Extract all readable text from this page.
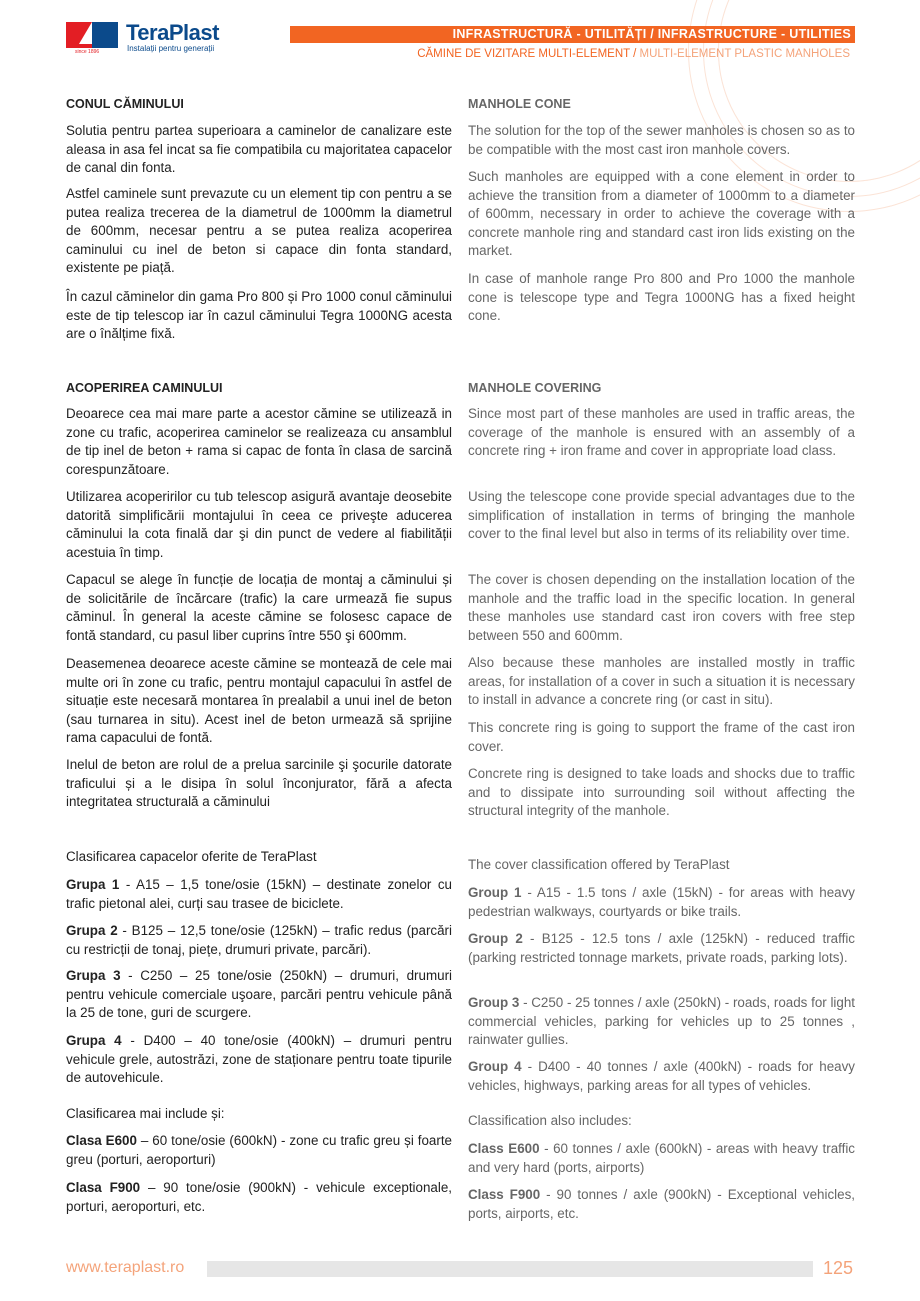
since 1896
TeraPlast
Instalații pentru generații
INFRASTRUCTURĂ - UTILITĂȚI / INFRASTRUCTURE - UTILITIES
CĂMINE DE VIZITARE MULTI-ELEMENT / MULTI-ELEMENT PLASTIC MANHOLES
CONUL CĂMINULUI
Solutia pentru partea superioara a caminelor de canalizare este aleasa in asa fel incat sa fie compatibila cu majoritatea capacelor de canal din fonta.
Astfel caminele sunt prevazute cu un element tip con pentru a se putea realiza trecerea de la diametrul de 1000mm la diametrul de 600mm, necesar pentru a se putea realiza acoperirea caminului cu inel de beton si capace din fonta standard, existente pe piață.
În cazul căminelor din gama Pro 800 și Pro 1000 conul căminului este de tip telescop iar în cazul căminului Tegra 1000NG acesta are o înălțime fixă.
ACOPERIREA CAMINULUI
Deoarece cea mai mare parte a acestor cămine se utilizează in zone cu trafic, acoperirea caminelor se realizeaza cu ansamblul de tip inel de beton + rama si capac de fonta în clasa de sarcină corespunzătoare.
Utilizarea acoperirilor cu tub telescop asigură avantaje deosebite datorită simplificării montajului în ceea ce priveşte aducerea căminului la cota finală dar şi din punct de vedere al fiabilității acestuia în timp.
Capacul se alege în funcție de locația de montaj a căminului și de solicitările de încărcare (trafic) la care urmează fie supus căminul. În general la aceste cămine se folosesc capace de fontă standard, cu pasul liber cuprins între 550 şi 600mm.
Deasemenea deoarece aceste cămine se montează de cele mai multe ori în zone cu trafic, pentru montajul capacului în astfel de situație este necesară montarea în prealabil a unui inel de beton (sau turnarea in situ). Acest inel de beton urmează să sprijine rama capacului de fontă.
Inelul de beton are rolul de a prelua sarcinile şi şocurile datorate traficului și a le disipa în solul înconjurator, fără a afecta integritatea structurală a căminului
Clasificarea capacelor oferite de TeraPlast
Grupa 1 - A15 – 1,5 tone/osie (15kN) – destinate zonelor cu trafic pietonal alei, curți sau trasee de biciclete.
Grupa 2 - B125 – 12,5 tone/osie (125kN) – trafic redus (parcări cu restricții de tonaj, piețe, drumuri private, parcări).
Grupa 3 - C250 – 25 tone/osie (250kN) – drumuri, drumuri pentru vehicule comerciale uşoare, parcări pentru vehicule până la 25 de tone, guri de scurgere.
Grupa 4 - D400 – 40 tone/osie (400kN) – drumuri pentru vehicule grele, autostrăzi, zone de staționare pentru toate tipurile de autovehicule.
Clasificarea mai include și:
Clasa E600 – 60 tone/osie (600kN) - zone cu trafic greu și foarte greu (porturi, aeroporturi)
Clasa F900 – 90 tone/osie (900kN) - vehicule exceptionale, porturi, aeroporturi, etc.
MANHOLE CONE
The solution for the top of the sewer manholes is chosen so as to be compatible with the most cast iron manhole covers.
Such manholes are equipped with a cone element in order to achieve the transition from a diameter of 1000mm to a diameter of 600mm, necessary in order to achieve the coverage with a concrete manhole ring and standard cast iron lids existing on the market.
In case of manhole range Pro 800 and Pro 1000 the manhole cone is telescope type and Tegra 1000NG has a fixed height cone.
MANHOLE COVERING
Since most part of these manholes are used in traffic areas, the coverage of the manhole is ensured with an assembly of a concrete ring + iron frame and cover in appropriate load class.
Using the telescope cone provide special advantages due to the simplification of installation in terms of bringing the manhole cover to the final level but also in terms of its reliability over time.
The cover is chosen depending on the installation location of the manhole and the traffic load in the specific location. In general these manholes use standard cast iron covers with free step between 550 and 600mm.
Also because these manholes are installed mostly in traffic areas, for installation of a cover in such a situation it is necessary to install in advance a concrete ring (or cast in situ).
This concrete ring is going to support the frame of the cast iron cover.
Concrete ring is designed to take loads and shocks due to traffic and to dissipate into surrounding soil without affecting the structural integrity of the manhole.
The cover classification offered by TeraPlast
Group 1 - A15 - 1.5 tons / axle (15kN) - for areas with heavy pedestrian walkways, courtyards or bike trails.
Group 2 - B125 - 12.5 tons / axle (125kN) - reduced traffic (parking restricted tonnage markets, private roads, parking lots).
Group 3 - C250 - 25 tonnes / axle (250kN) - roads, roads for light commercial vehicles, parking for vehicles up to 25 tonnes , rainwater gullies.
Group 4 - D400 - 40 tonnes / axle (400kN) - roads for heavy vehicles, highways, parking areas for all types of vehicles.
Classification also includes:
Class E600 - 60 tonnes / axle (600kN) - areas with heavy traffic and very hard (ports, airports)
Class F900 - 90 tonnes / axle (900kN) - Exceptional vehicles, ports, airports, etc.
www.teraplast.ro	125
